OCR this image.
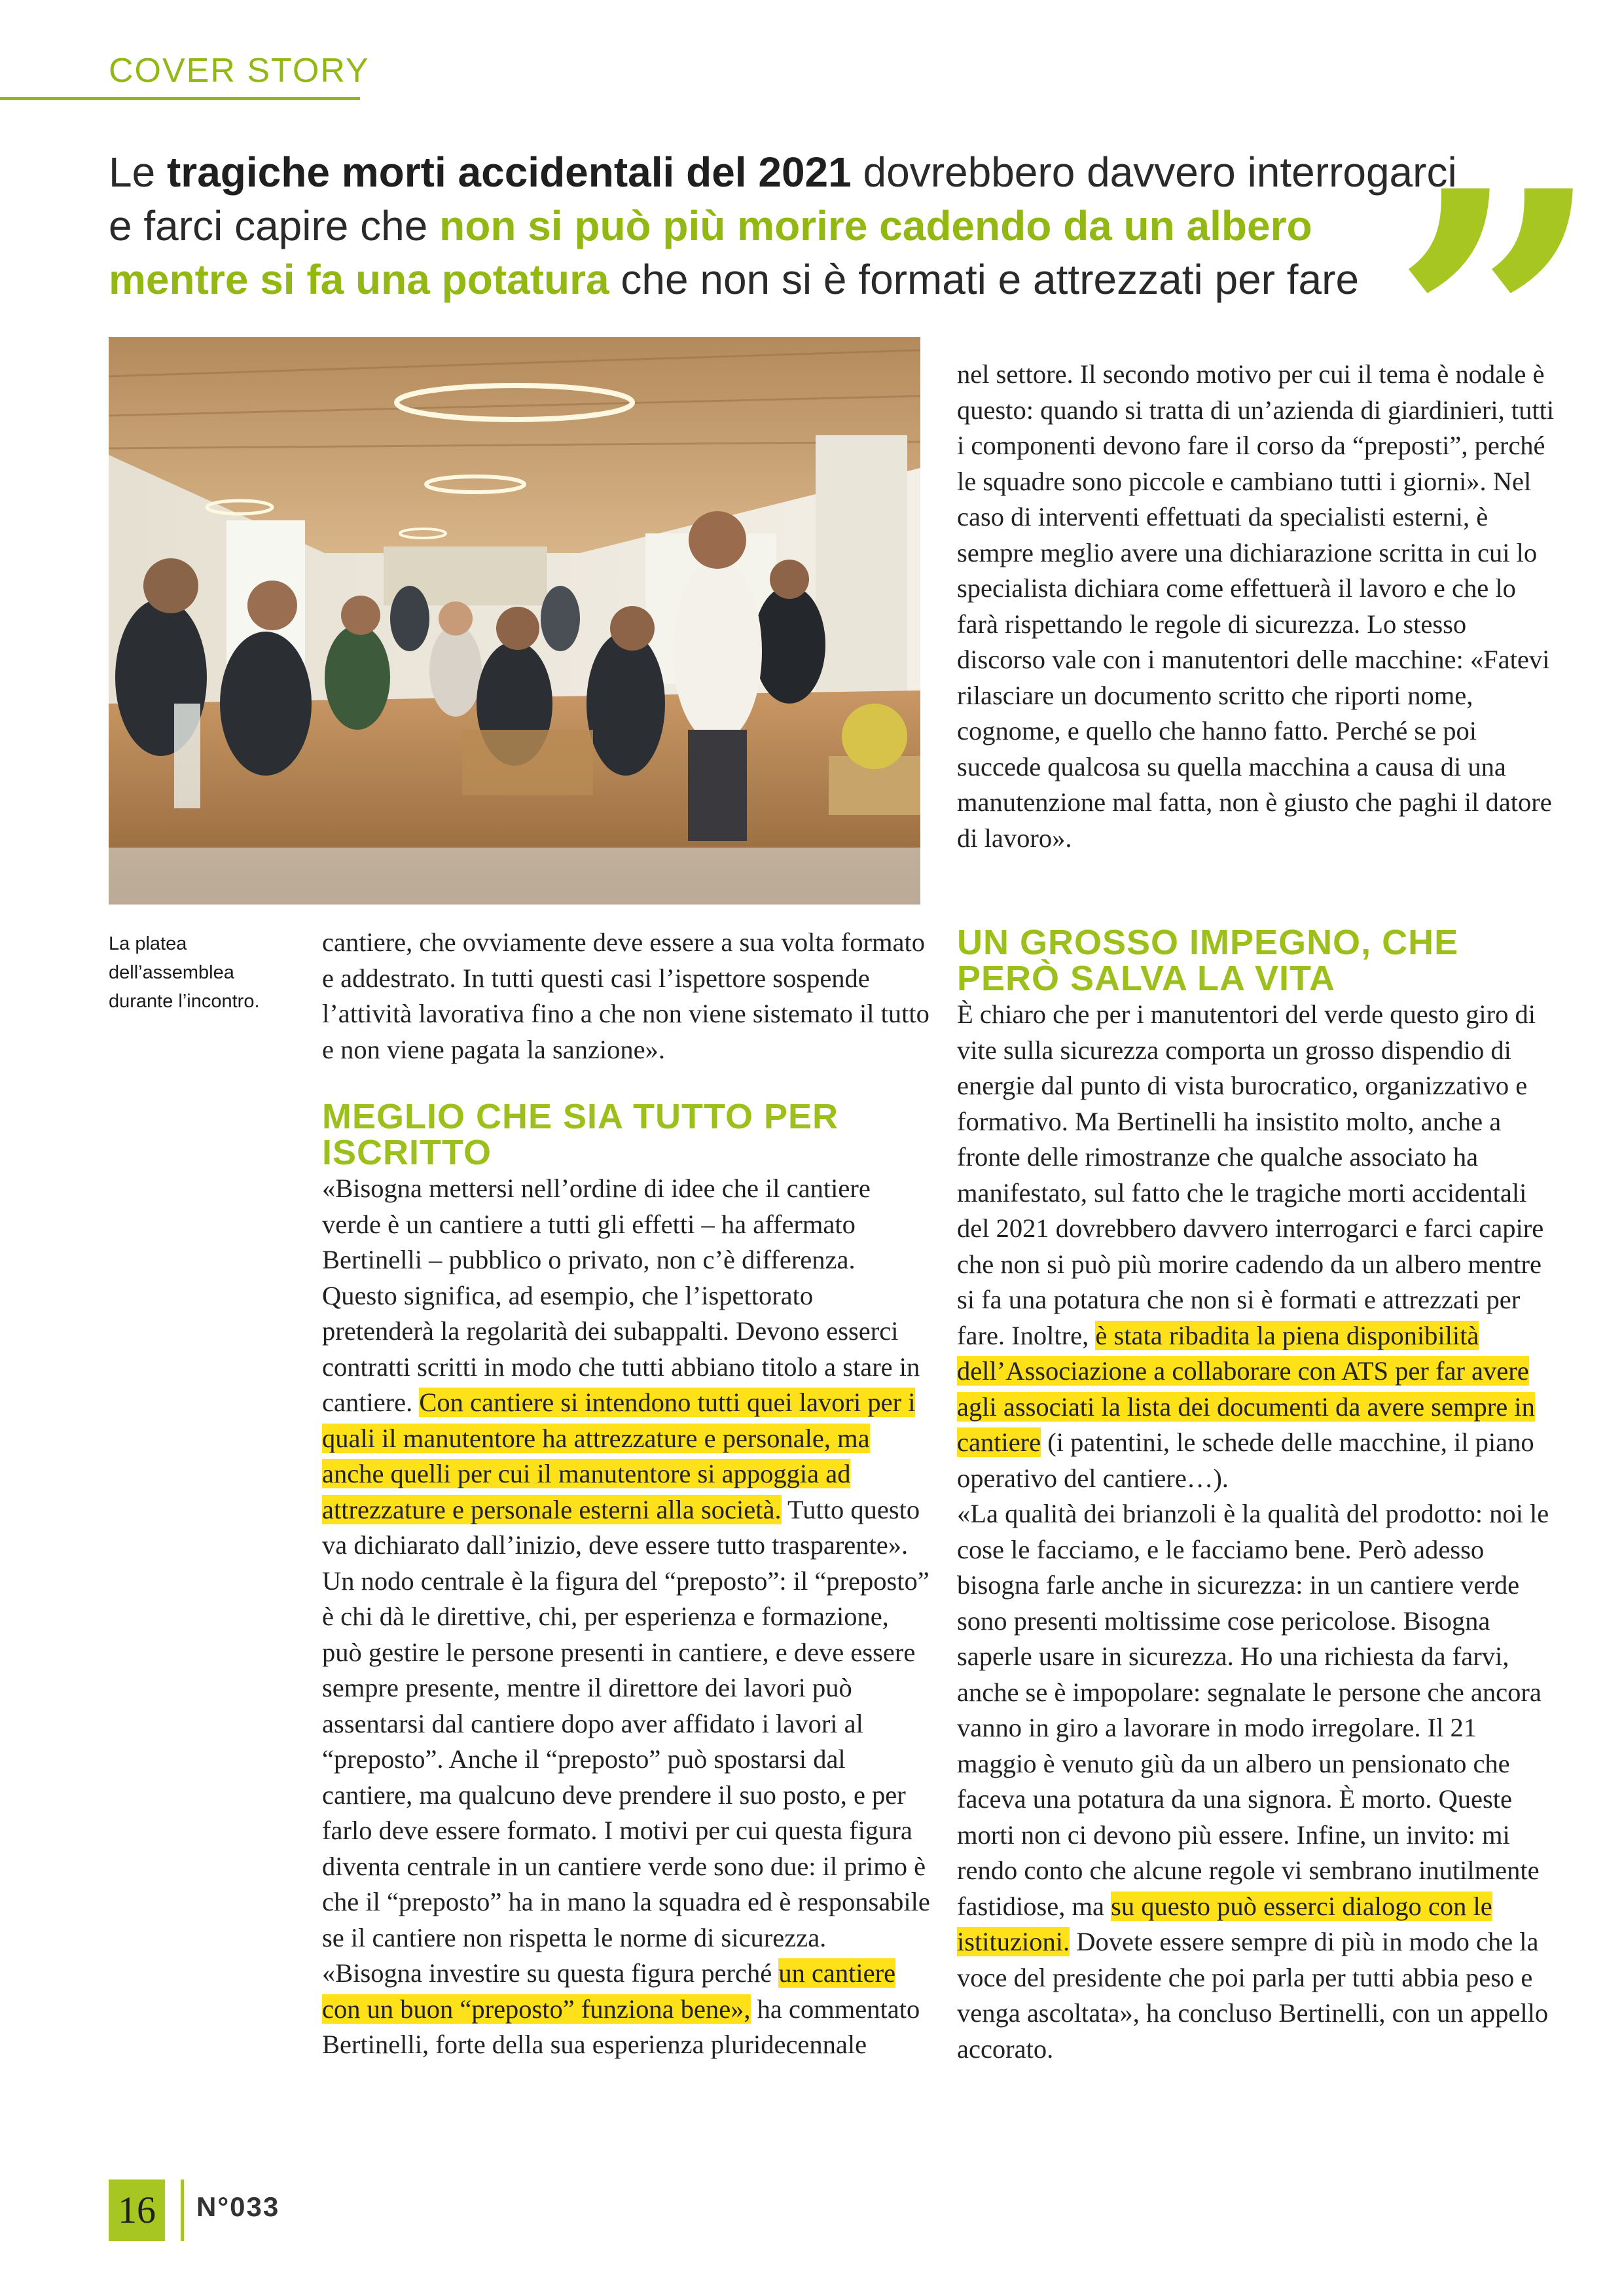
COVER STORY
Le tragiche morti accidentali del 2021 dovrebbero davvero interrogarci e farci capire che non si può più morire cadendo da un albero mentre si fa una potatura che non si è formati e attrezzati per fare ”
La platea dell’assemblea durante l’incontro.

cantiere, che ovviamente deve essere a sua volta formato e addestrato. In tutti questi casi l’ispettore sospende l’attività lavorativa fino a che non viene sistemato il tutto e non viene pagata la sanzione».

MEGLIO CHE SIA TUTTO PER ISCRITTO

«Bisogna mettersi nell’ordine di idee che il cantiere verde è un cantiere a tutti gli effetti – ha affermato Bertinelli – pubblico o privato, non c’è differenza. Questo significa, ad esempio, che l’ispettorato pretenderà la regolarità dei subappalti. Devono esserci contratti scritti in modo che tutti abbiano titolo a stare in cantiere. Con cantiere si intendono tutti quei lavori per i quali il manutentore ha attrezzature e personale, ma anche quelli per cui il manutentore si appoggia ad attrezzature e personale esterni alla società. Tutto questo va dichiarato dall’inizio, deve essere tutto trasparente». Un nodo centrale è la figura del “preposto”: il “preposto” è chi dà le direttive, chi, per esperienza e formazione, può gestire le persone presenti in cantiere, e deve essere sempre presente, mentre il direttore dei lavori può assentarsi dal cantiere dopo aver affidato i lavori al “preposto”. Anche il “preposto” può spostarsi dal cantiere, ma qualcuno deve prendere il suo posto, e per farlo deve essere formato. I motivi per cui questa figura diventa centrale in un cantiere verde sono due: il primo è che il “preposto” ha in mano la squadra ed è responsabile se il cantiere non rispetta le norme di sicurezza. «Bisogna investire su questa figura perché un cantiere con un buon “preposto” funziona bene», ha commentato Bertinelli, forte della sua esperienza pluridecennale

nel settore. Il secondo motivo per cui il tema è nodale è questo: quando si tratta di un’azienda di giardinieri, tutti i componenti devono fare il corso da “preposti”, perché le squadre sono piccole e cambiano tutti i giorni». Nel caso di interventi effettuati da specialisti esterni, è sempre meglio avere una dichiarazione scritta in cui lo specialista dichiara come effettuerà il lavoro e che lo farà rispettando le regole di sicurezza. Lo stesso discorso vale con i manutentori delle macchine: «Fatevi rilasciare un documento scritto che riporti nome, cognome, e quello che hanno fatto. Perché se poi succede qualcosa su quella macchina a causa di una manutenzione mal fatta, non è giusto che paghi il datore di lavoro».

UN GROSSO IMPEGNO, CHE PERÒ SALVA LA VITA

È chiaro che per i manutentori del verde questo giro di vite sulla sicurezza comporta un grosso dispendio di energie dal punto di vista burocratico, organizzativo e formativo. Ma Bertinelli ha insistito molto, anche a fronte delle rimostranze che qualche associato ha manifestato, sul fatto che le tragiche morti accidentali del 2021 dovrebbero davvero interrogarci e farci capire che non si può più morire cadendo da un albero mentre si fa una potatura che non si è formati e attrezzati per fare. Inoltre, è stata ribadita la piena disponibilità dell’Associazione a collaborare con ATS per far avere agli associati la lista dei documenti da avere sempre in cantiere (i patentini, le schede delle macchine, il piano operativo del cantiere…).

«La qualità dei brianzoli è la qualità del prodotto: noi le cose le facciamo, e le facciamo bene. Però adesso bisogna farle anche in sicurezza: in un cantiere verde sono presenti moltissime cose pericolose. Bisogna saperle usare in sicurezza. Ho una richiesta da farvi, anche se è impopolare: segnalate le persone che ancora vanno in giro a lavorare in modo irregolare. Il 21 maggio è venuto giù da un albero un pensionato che faceva una potatura da una signora. È morto. Queste morti non ci devono più essere. Infine, un invito: mi rendo conto che alcune regole vi sembrano inutilmente fastidiose, ma su questo può esserci dialogo con le istituzioni. Dovete essere sempre di più in modo che la voce del presidente che poi parla per tutti abbia peso e venga ascoltata», ha concluso Bertinelli, con un appello accorato.

16	N°033
